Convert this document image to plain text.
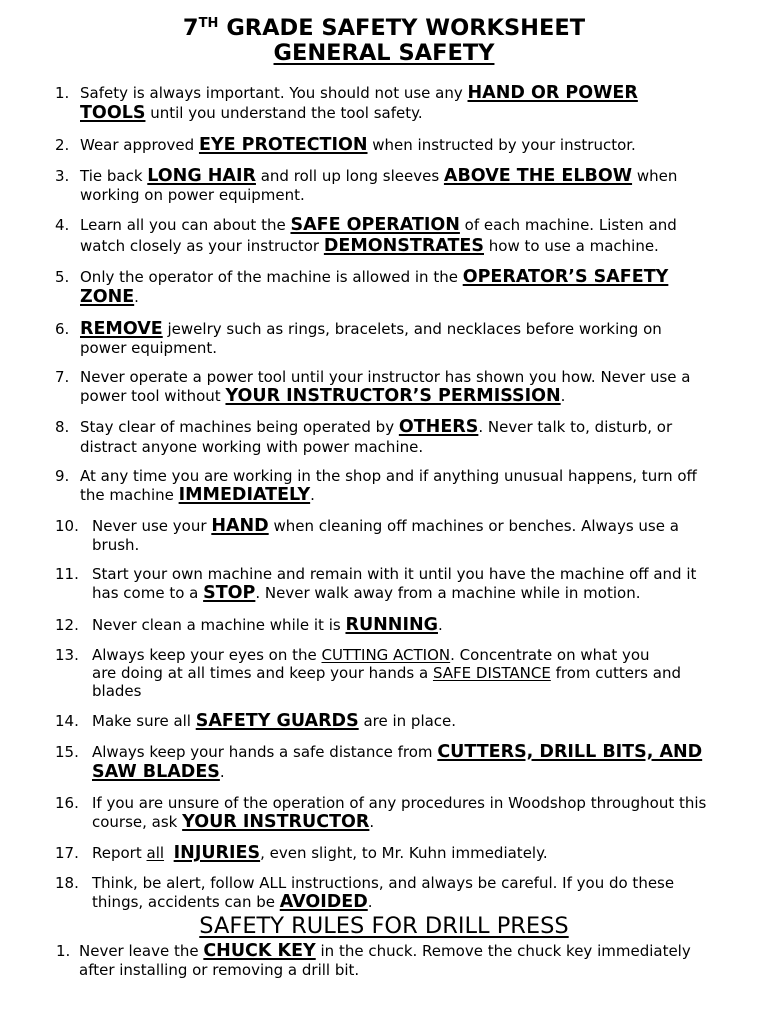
7TH GRADE SAFETY WORKSHEET
GENERAL SAFETY
1. Safety is always important. You should not use any HAND OR POWER
TOOLS until you understand the tool safety.
2. Wear approved EYE PROTECTION when instructed by your instructor.
3. Tie back LONG HAIR and roll up long sleeves ABOVE THE ELBOW when
working on power equipment.
4. Learn all you can about the SAFE OPERATION of each machine. Listen and
watch closely as your instructor DEMONSTRATES how to use a machine.
5. Only the operator of the machine is allowed in the OPERATOR’S SAFETY
ZONE.
6. REMOVE jewelry such as rings, bracelets, and necklaces before working on
power equipment.
7. Never operate a power tool until your instructor has shown you how. Never use a
power tool without YOUR INSTRUCTOR’S PERMISSION.
8. Stay clear of machines being operated by OTHERS. Never talk to, disturb, or
distract anyone working with power machine.
9. At any time you are working in the shop and if anything unusual happens, turn off
the machine IMMEDIATELY.
10. Never use your HAND when cleaning off machines or benches. Always use a
brush.
11. Start your own machine and remain with it until you have the machine off and it
has come to a STOP. Never walk away from a machine while in motion.
12. Never clean a machine while it is RUNNING.
13. Always keep your eyes on the CUTTING ACTION. Concentrate on what you
are doing at all times and keep your hands a SAFE DISTANCE from cutters and
blades
14. Make sure all SAFETY GUARDS are in place.
15. Always keep your hands a safe distance from CUTTERS, DRILL BITS, AND
SAW BLADES.
16. If you are unsure of the operation of any procedures in Woodshop throughout this
course, ask YOUR INSTRUCTOR.
17. Report all INJURIES, even slight, to Mr. Kuhn immediately.
18. Think, be alert, follow ALL instructions, and always be careful. If you do these
things, accidents can be AVOIDED.
SAFETY RULES FOR DRILL PRESS
1. Never leave the CHUCK KEY in the chuck. Remove the chuck key immediately
after installing or removing a drill bit.
